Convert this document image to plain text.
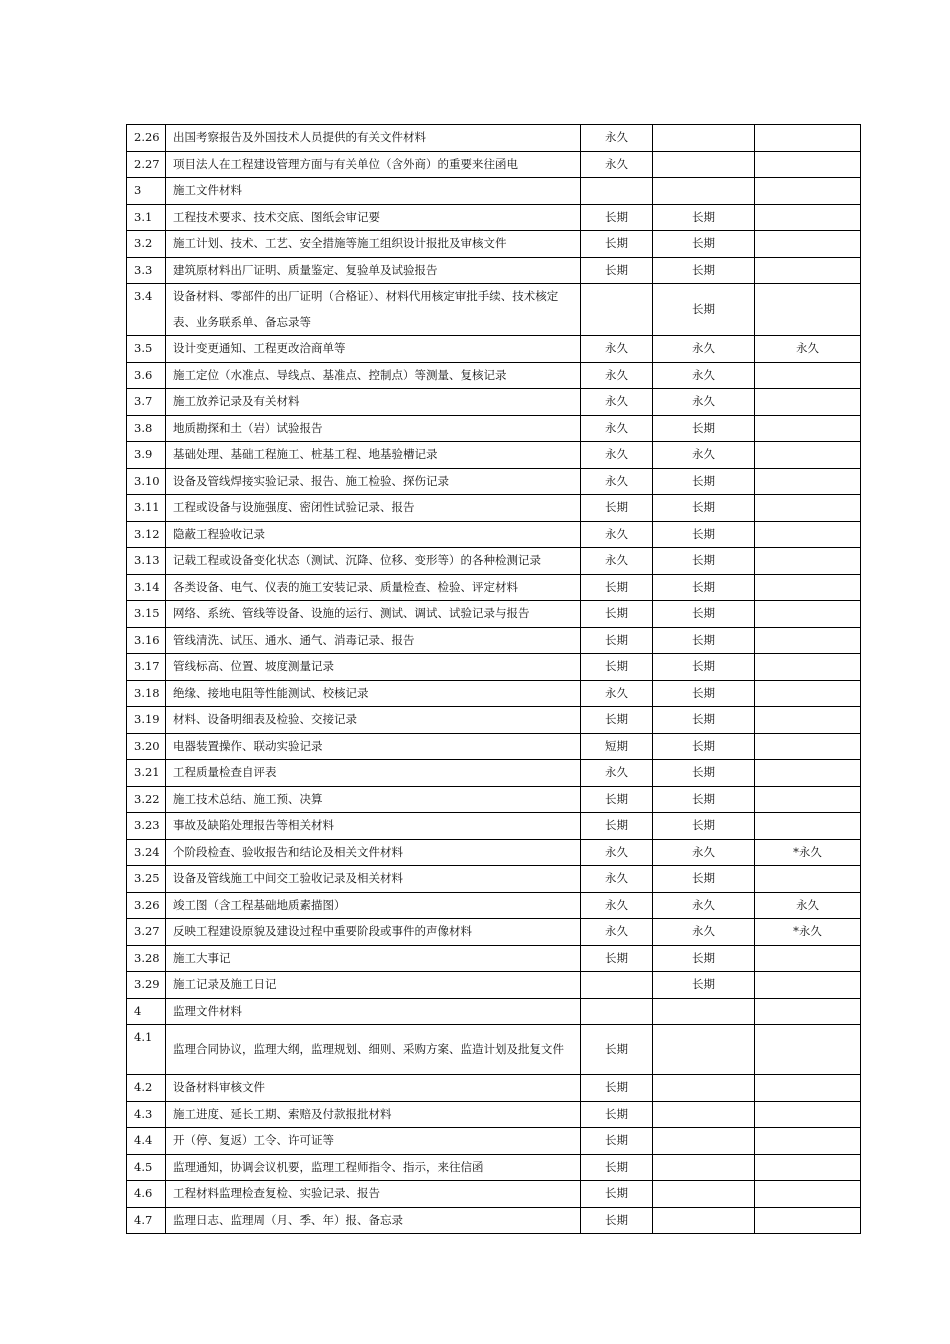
2.26	出国考察报告及外国技术人员提供的有关文件材料	永久		
2.27	项目法人在工程建设管理方面与有关单位（含外商）的重要来往函电	永久		
3	施工文件材料			
3.1	工程技术要求、技术交底、图纸会审记要	长期	长期	
3.2	施工计划、技术、工艺、安全措施等施工组织设计报批及审核文件	长期	长期	
3.3	建筑原材料出厂证明、质量鉴定、复验单及试验报告	长期	长期	
3.4	设备材料、零部件的出厂证明（合格证）、材料代用核定审批手续、技术核定表、业务联系单、备忘录等		长期	
3.5	设计变更通知、工程更改洽商单等	永久	永久	永久
3.6	施工定位（水准点、导线点、基准点、控制点）等测量、复核记录	永久	永久	
3.7	施工放养记录及有关材料	永久	永久	
3.8	地质勘探和土（岩）试验报告	永久	长期	
3.9	基础处理、基础工程施工、桩基工程、地基验槽记录	永久	永久	
3.10	设备及管线焊接实验记录、报告、施工检验、探伤记录	永久	长期	
3.11	工程或设备与设施强度、密闭性试验记录、报告	长期	长期	
3.12	隐蔽工程验收记录	永久	长期	
3.13	记载工程或设备变化状态（测试、沉降、位移、变形等）的各种检测记录	永久	长期	
3.14	各类设备、电气、仪表的施工安装记录、质量检查、检验、评定材料	长期	长期	
3.15	网络、系统、管线等设备、设施的运行、测试、调试、试验记录与报告	长期	长期	
3.16	管线清洗、试压、通水、通气、消毒记录、报告	长期	长期	
3.17	管线标高、位置、坡度测量记录	长期	长期	
3.18	绝缘、接地电阻等性能测试、校核记录	永久	长期	
3.19	材料、设备明细表及检验、交接记录	长期	长期	
3.20	电器装置操作、联动实验记录	短期	长期	
3.21	工程质量检查自评表	永久	长期	
3.22	施工技术总结、施工预、决算	长期	长期	
3.23	事故及缺陷处理报告等相关材料	长期	长期	
3.24	个阶段检查、验收报告和结论及相关文件材料	永久	永久	*永久
3.25	设备及管线施工中间交工验收记录及相关材料	永久	长期	
3.26	竣工图（含工程基础地质素描图）	永久	永久	永久
3.27	反映工程建设原貌及建设过程中重要阶段或事件的声像材料	永久	永久	*永久
3.28	施工大事记	长期	长期	
3.29	施工记录及施工日记		长期	
4	监理文件材料			
4.1	监理合同协议，监理大纲，监理规划、细则、采购方案、监造计划及批复文件	长期		
4.2	设备材料审核文件	长期		
4.3	施工进度、延长工期、索赔及付款报批材料	长期		
4.4	开（停、复返）工令、许可证等	长期		
4.5	监理通知，协调会议机要，监理工程师指令、指示，来往信函	长期		
4.6	工程材料监理检查复检、实验记录、报告	长期		
4.7	监理日志、监理周（月、季、年）报、备忘录	长期		
